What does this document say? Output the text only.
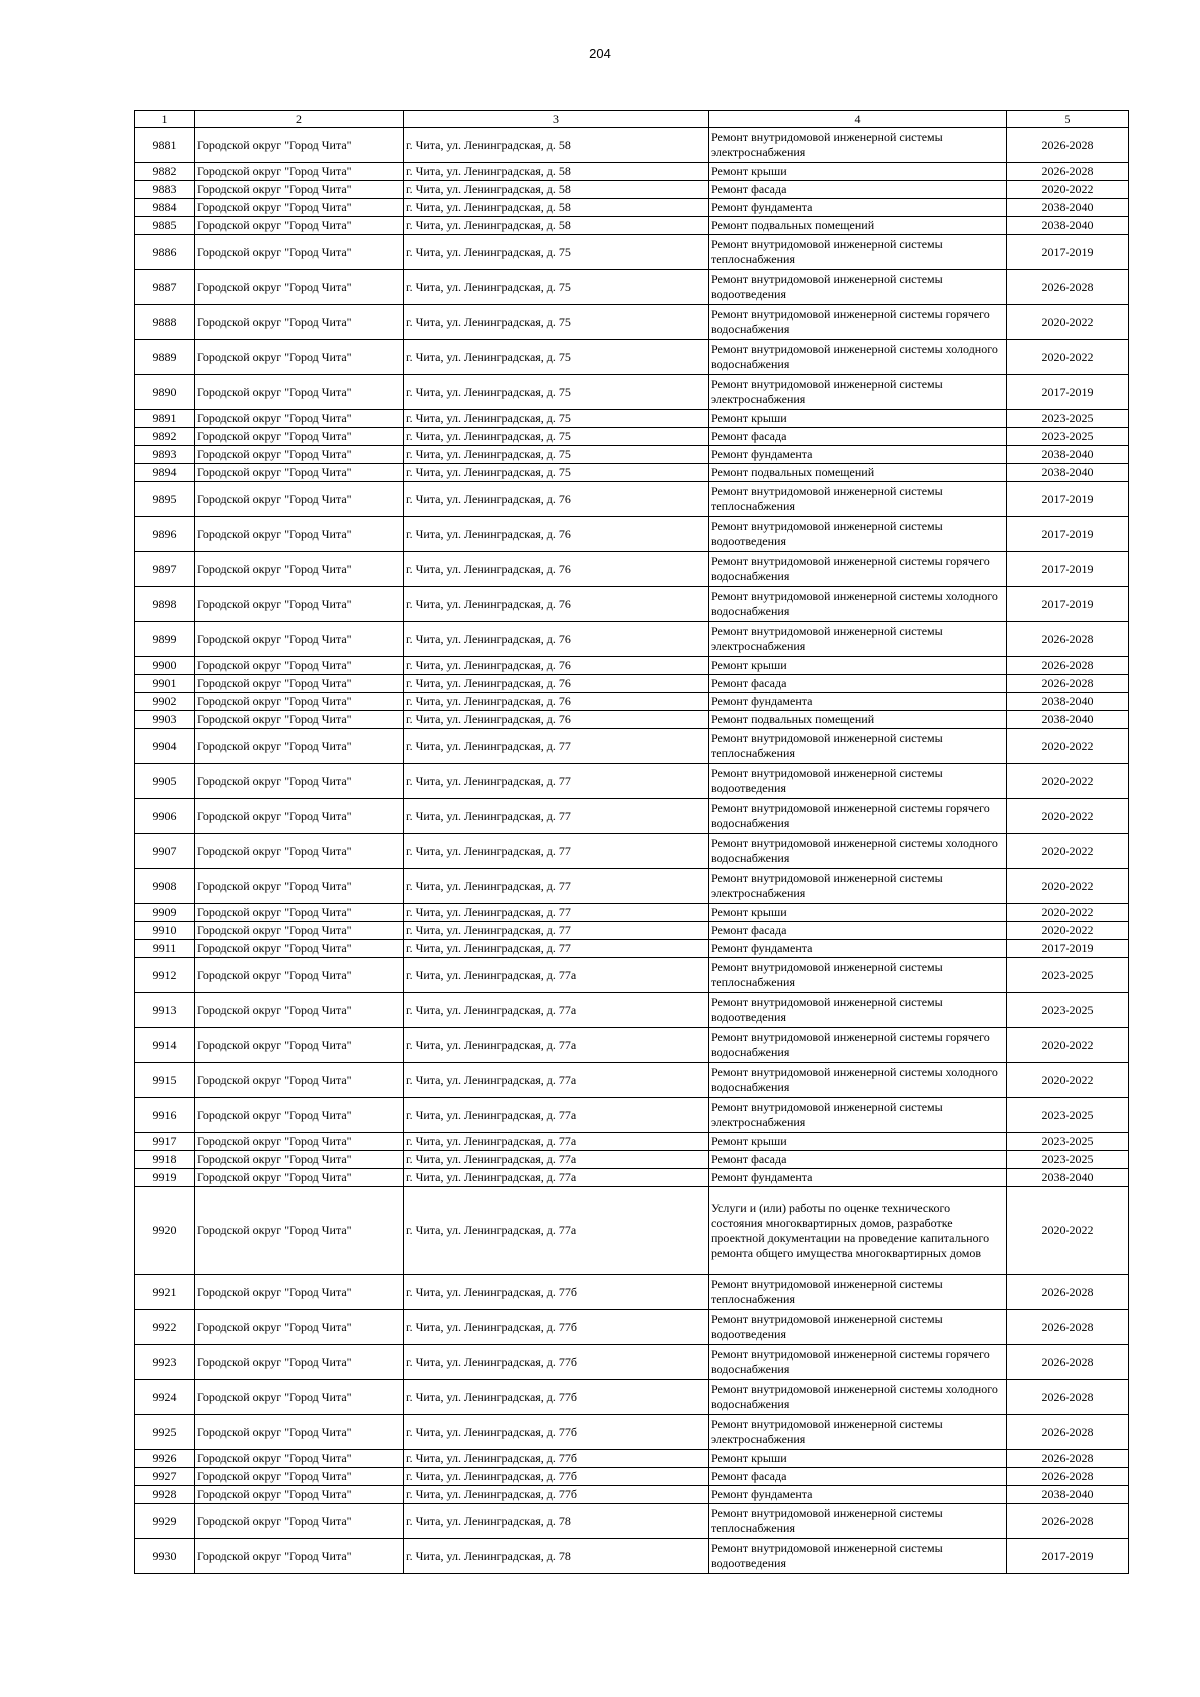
204
1	2	3	4	5
9881	Городской округ "Город Чита"	г. Чита, ул. Ленинградская, д. 58	Ремонт внутридомовой инженерной системы электроснабжения	2026-2028
9882	Городской округ "Город Чита"	г. Чита, ул. Ленинградская, д. 58	Ремонт крыши	2026-2028
9883	Городской округ "Город Чита"	г. Чита, ул. Ленинградская, д. 58	Ремонт фасада	2020-2022
9884	Городской округ "Город Чита"	г. Чита, ул. Ленинградская, д. 58	Ремонт фундамента	2038-2040
9885	Городской округ "Город Чита"	г. Чита, ул. Ленинградская, д. 58	Ремонт подвальных помещений	2038-2040
9886	Городской округ "Город Чита"	г. Чита, ул. Ленинградская, д. 75	Ремонт внутридомовой инженерной системы теплоснабжения	2017-2019
9887	Городской округ "Город Чита"	г. Чита, ул. Ленинградская, д. 75	Ремонт внутридомовой инженерной системы водоотведения	2026-2028
9888	Городской округ "Город Чита"	г. Чита, ул. Ленинградская, д. 75	Ремонт внутридомовой инженерной системы горячего водоснабжения	2020-2022
9889	Городской округ "Город Чита"	г. Чита, ул. Ленинградская, д. 75	Ремонт внутридомовой инженерной системы холодного водоснабжения	2020-2022
9890	Городской округ "Город Чита"	г. Чита, ул. Ленинградская, д. 75	Ремонт внутридомовой инженерной системы электроснабжения	2017-2019
9891	Городской округ "Город Чита"	г. Чита, ул. Ленинградская, д. 75	Ремонт крыши	2023-2025
9892	Городской округ "Город Чита"	г. Чита, ул. Ленинградская, д. 75	Ремонт фасада	2023-2025
9893	Городской округ "Город Чита"	г. Чита, ул. Ленинградская, д. 75	Ремонт фундамента	2038-2040
9894	Городской округ "Город Чита"	г. Чита, ул. Ленинградская, д. 75	Ремонт подвальных помещений	2038-2040
9895	Городской округ "Город Чита"	г. Чита, ул. Ленинградская, д. 76	Ремонт внутридомовой инженерной системы теплоснабжения	2017-2019
9896	Городской округ "Город Чита"	г. Чита, ул. Ленинградская, д. 76	Ремонт внутридомовой инженерной системы водоотведения	2017-2019
9897	Городской округ "Город Чита"	г. Чита, ул. Ленинградская, д. 76	Ремонт внутридомовой инженерной системы горячего водоснабжения	2017-2019
9898	Городской округ "Город Чита"	г. Чита, ул. Ленинградская, д. 76	Ремонт внутридомовой инженерной системы холодного водоснабжения	2017-2019
9899	Городской округ "Город Чита"	г. Чита, ул. Ленинградская, д. 76	Ремонт внутридомовой инженерной системы электроснабжения	2026-2028
9900	Городской округ "Город Чита"	г. Чита, ул. Ленинградская, д. 76	Ремонт крыши	2026-2028
9901	Городской округ "Город Чита"	г. Чита, ул. Ленинградская, д. 76	Ремонт фасада	2026-2028
9902	Городской округ "Город Чита"	г. Чита, ул. Ленинградская, д. 76	Ремонт фундамента	2038-2040
9903	Городской округ "Город Чита"	г. Чита, ул. Ленинградская, д. 76	Ремонт подвальных помещений	2038-2040
9904	Городской округ "Город Чита"	г. Чита, ул. Ленинградская, д. 77	Ремонт внутридомовой инженерной системы теплоснабжения	2020-2022
9905	Городской округ "Город Чита"	г. Чита, ул. Ленинградская, д. 77	Ремонт внутридомовой инженерной системы водоотведения	2020-2022
9906	Городской округ "Город Чита"	г. Чита, ул. Ленинградская, д. 77	Ремонт внутридомовой инженерной системы горячего водоснабжения	2020-2022
9907	Городской округ "Город Чита"	г. Чита, ул. Ленинградская, д. 77	Ремонт внутридомовой инженерной системы холодного водоснабжения	2020-2022
9908	Городской округ "Город Чита"	г. Чита, ул. Ленинградская, д. 77	Ремонт внутридомовой инженерной системы электроснабжения	2020-2022
9909	Городской округ "Город Чита"	г. Чита, ул. Ленинградская, д. 77	Ремонт крыши	2020-2022
9910	Городской округ "Город Чита"	г. Чита, ул. Ленинградская, д. 77	Ремонт фасада	2020-2022
9911	Городской округ "Город Чита"	г. Чита, ул. Ленинградская, д. 77	Ремонт фундамента	2017-2019
9912	Городской округ "Город Чита"	г. Чита, ул. Ленинградская, д. 77а	Ремонт внутридомовой инженерной системы теплоснабжения	2023-2025
9913	Городской округ "Город Чита"	г. Чита, ул. Ленинградская, д. 77а	Ремонт внутридомовой инженерной системы водоотведения	2023-2025
9914	Городской округ "Город Чита"	г. Чита, ул. Ленинградская, д. 77а	Ремонт внутридомовой инженерной системы горячего водоснабжения	2020-2022
9915	Городской округ "Город Чита"	г. Чита, ул. Ленинградская, д. 77а	Ремонт внутридомовой инженерной системы холодного водоснабжения	2020-2022
9916	Городской округ "Город Чита"	г. Чита, ул. Ленинградская, д. 77а	Ремонт внутридомовой инженерной системы электроснабжения	2023-2025
9917	Городской округ "Город Чита"	г. Чита, ул. Ленинградская, д. 77а	Ремонт крыши	2023-2025
9918	Городской округ "Город Чита"	г. Чита, ул. Ленинградская, д. 77а	Ремонт фасада	2023-2025
9919	Городской округ "Город Чита"	г. Чита, ул. Ленинградская, д. 77а	Ремонт фундамента	2038-2040
9920	Городской округ "Город Чита"	г. Чита, ул. Ленинградская, д. 77а	Услуги и (или) работы по оценке технического состояния многоквартирных домов, разработке проектной документации на проведение капитального ремонта общего имущества многоквартирных домов	2020-2022
9921	Городской округ "Город Чита"	г. Чита, ул. Ленинградская, д. 77б	Ремонт внутридомовой инженерной системы теплоснабжения	2026-2028
9922	Городской округ "Город Чита"	г. Чита, ул. Ленинградская, д. 77б	Ремонт внутридомовой инженерной системы водоотведения	2026-2028
9923	Городской округ "Город Чита"	г. Чита, ул. Ленинградская, д. 77б	Ремонт внутридомовой инженерной системы горячего водоснабжения	2026-2028
9924	Городской округ "Город Чита"	г. Чита, ул. Ленинградская, д. 77б	Ремонт внутридомовой инженерной системы холодного водоснабжения	2026-2028
9925	Городской округ "Город Чита"	г. Чита, ул. Ленинградская, д. 77б	Ремонт внутридомовой инженерной системы электроснабжения	2026-2028
9926	Городской округ "Город Чита"	г. Чита, ул. Ленинградская, д. 77б	Ремонт крыши	2026-2028
9927	Городской округ "Город Чита"	г. Чита, ул. Ленинградская, д. 77б	Ремонт фасада	2026-2028
9928	Городской округ "Город Чита"	г. Чита, ул. Ленинградская, д. 77б	Ремонт фундамента	2038-2040
9929	Городской округ "Город Чита"	г. Чита, ул. Ленинградская, д. 78	Ремонт внутридомовой инженерной системы теплоснабжения	2026-2028
9930	Городской округ "Город Чита"	г. Чита, ул. Ленинградская, д. 78	Ремонт внутридомовой инженерной системы водоотведения	2017-2019
